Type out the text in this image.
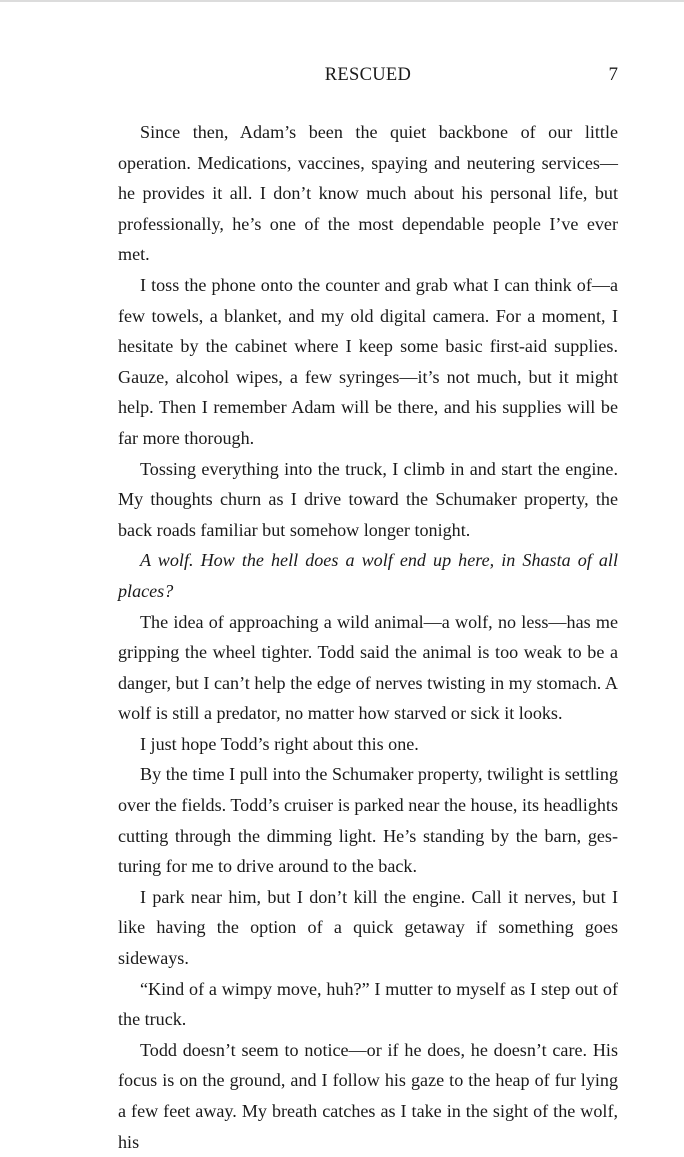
RESCUED	7

Since then, Adam’s been the quiet backbone of our little operation. Medications, vaccines, spaying and neutering services—he provides it all. I don’t know much about his personal life, but professionally, he’s one of the most dependable people I’ve ever met.

I toss the phone onto the counter and grab what I can think of—a few towels, a blanket, and my old digital camera. For a moment, I hesitate by the cabinet where I keep some basic first-aid supplies. Gauze, alcohol wipes, a few syringes—it’s not much, but it might help. Then I remember Adam will be there, and his supplies will be far more thorough.

Tossing everything into the truck, I climb in and start the engine. My thoughts churn as I drive toward the Schumaker property, the back roads familiar but somehow longer tonight.

A wolf. How the hell does a wolf end up here, in Shasta of all places?

The idea of approaching a wild animal—a wolf, no less—has me gripping the wheel tighter. Todd said the animal is too weak to be a danger, but I can’t help the edge of nerves twisting in my stomach. A wolf is still a predator, no matter how starved or sick it looks.

I just hope Todd’s right about this one.

By the time I pull into the Schumaker property, twilight is settling over the fields. Todd’s cruiser is parked near the house, its headlights cutting through the dimming light. He’s standing by the barn, gesturing for me to drive around to the back.

I park near him, but I don’t kill the engine. Call it nerves, but I like having the option of a quick getaway if something goes sideways.

“Kind of a wimpy move, huh?” I mutter to myself as I step out of the truck.

Todd doesn’t seem to notice—or if he does, he doesn’t care. His focus is on the ground, and I follow his gaze to the heap of fur lying a few feet away. My breath catches as I take in the sight of the wolf, his
